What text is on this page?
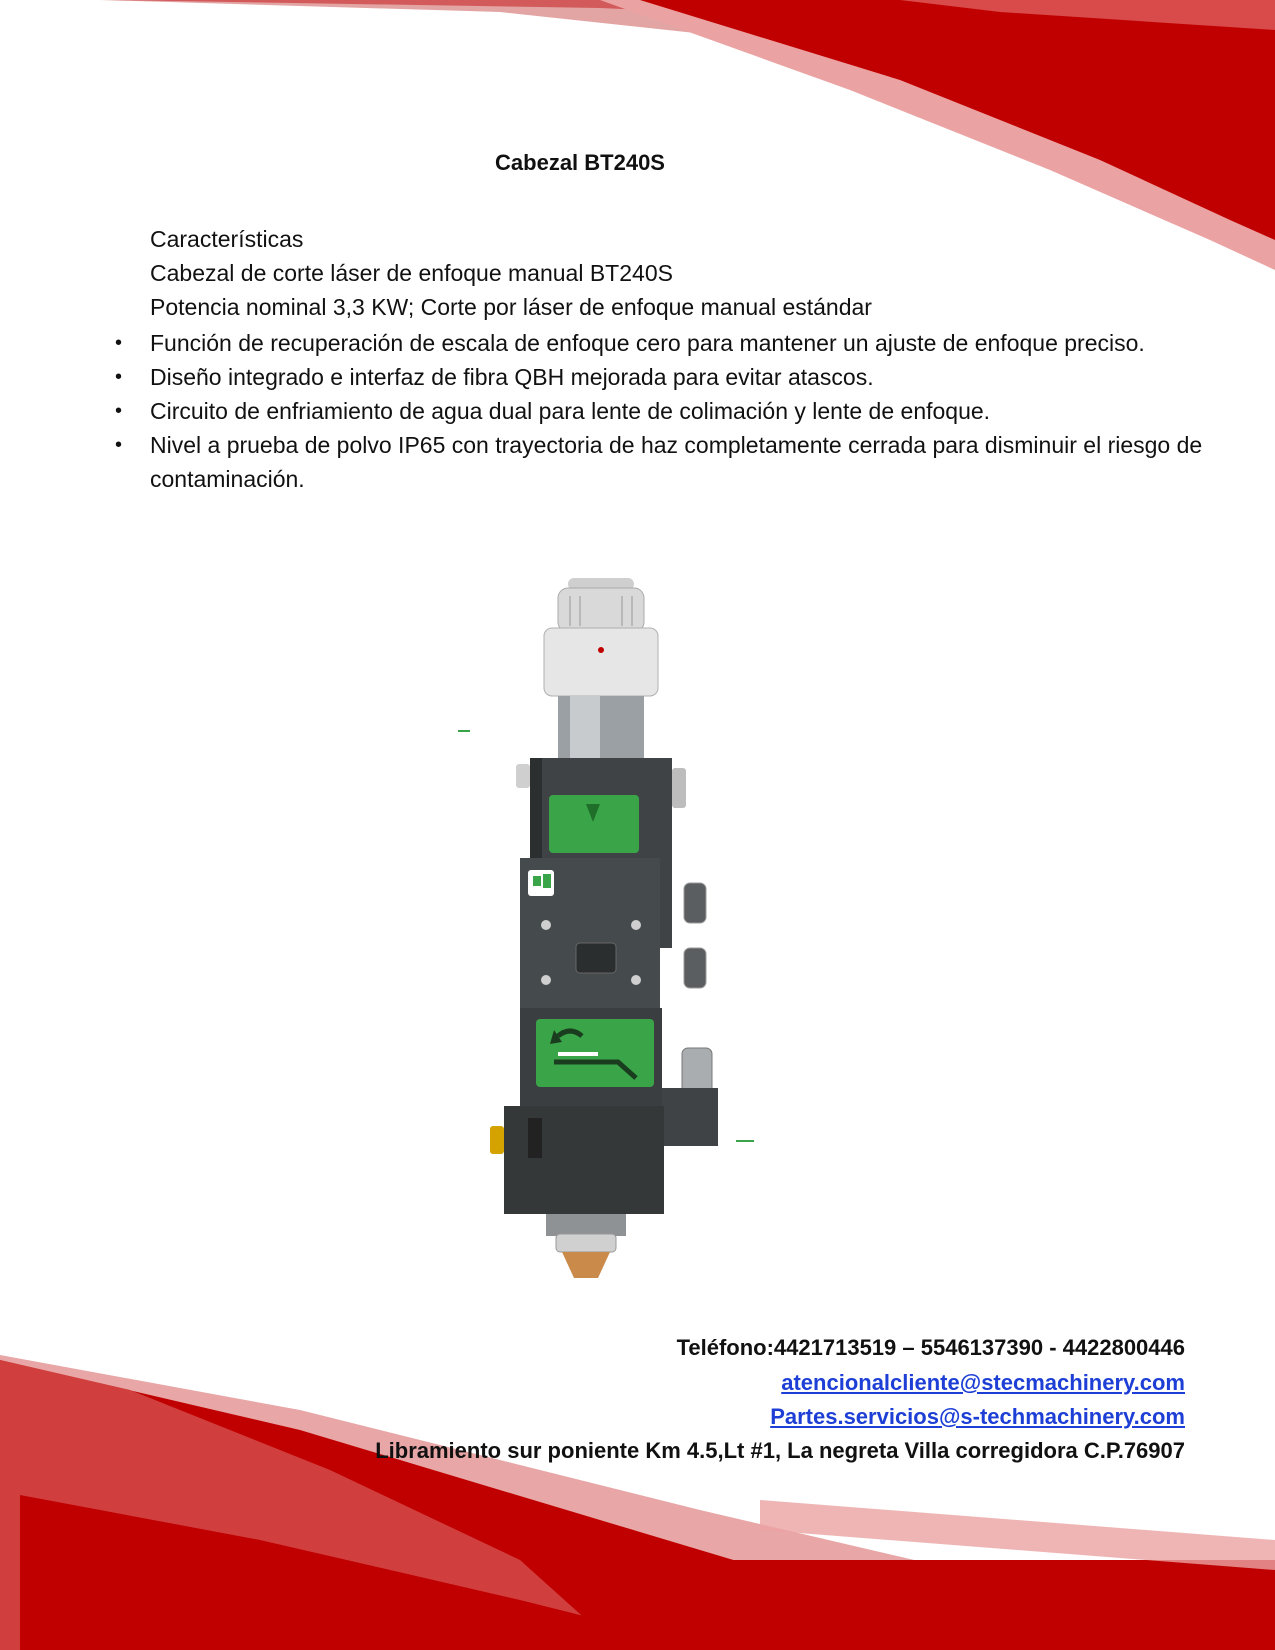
Cabezal BT240S
Características
Cabezal de corte láser de enfoque manual BT240S
Potencia nominal 3,3 KW; Corte por láser de enfoque manual estándar
• Función de recuperación de escala de enfoque cero para mantener un ajuste de enfoque preciso.
• Diseño integrado e interfaz de fibra QBH mejorada para evitar atascos.
• Circuito de enfriamiento de agua dual para lente de colimación y lente de enfoque.
• Nivel a prueba de polvo IP65 con trayectoria de haz completamente cerrada para disminuir el riesgo de contaminación.
Teléfono:4421713519 – 5546137390 - 4422800446
atencionalcliente@stecmachinery.com
Partes.servicios@s-techmachinery.com
Libramiento sur poniente Km 4.5,Lt #1, La negreta Villa corregidora C.P.76907
